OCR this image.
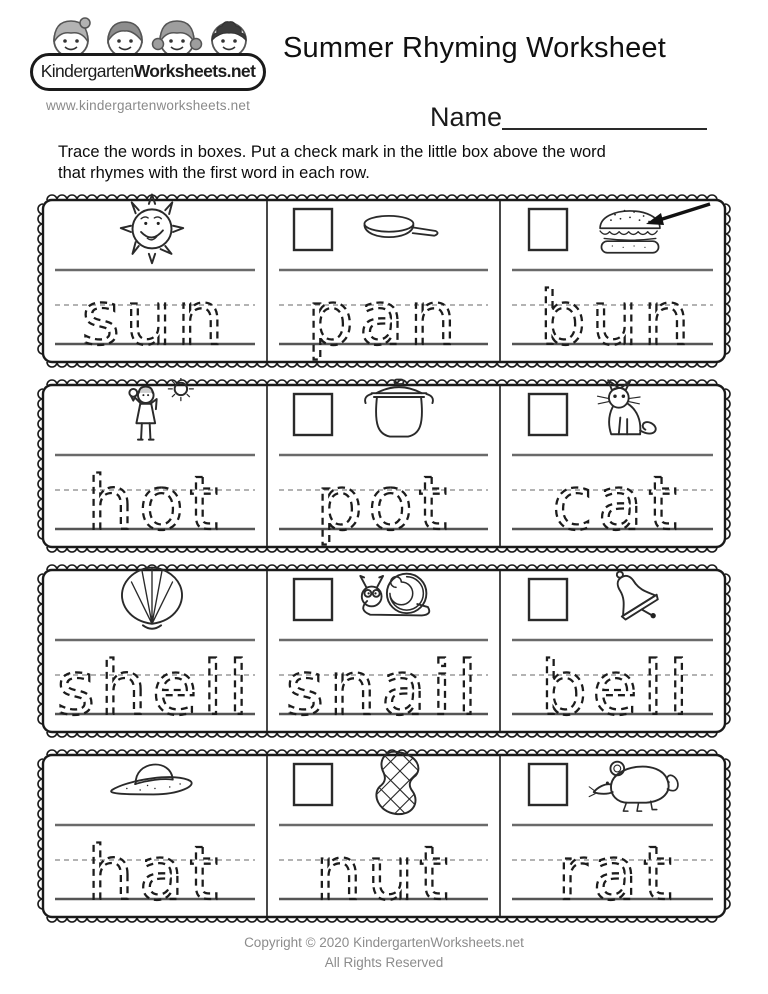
KindergartenWorksheets.net
www.kindergartenworksheets.net
Summer Rhyming Worksheet
Name
Trace the words in boxes. Put a check mark in the little box above the word
that rhymes with the first word in each row.
sun pan bun
hot pot cat
shell snail bell
hat nut rat
Copyright © 2020 KindergartenWorksheets.net
All Rights Reserved
